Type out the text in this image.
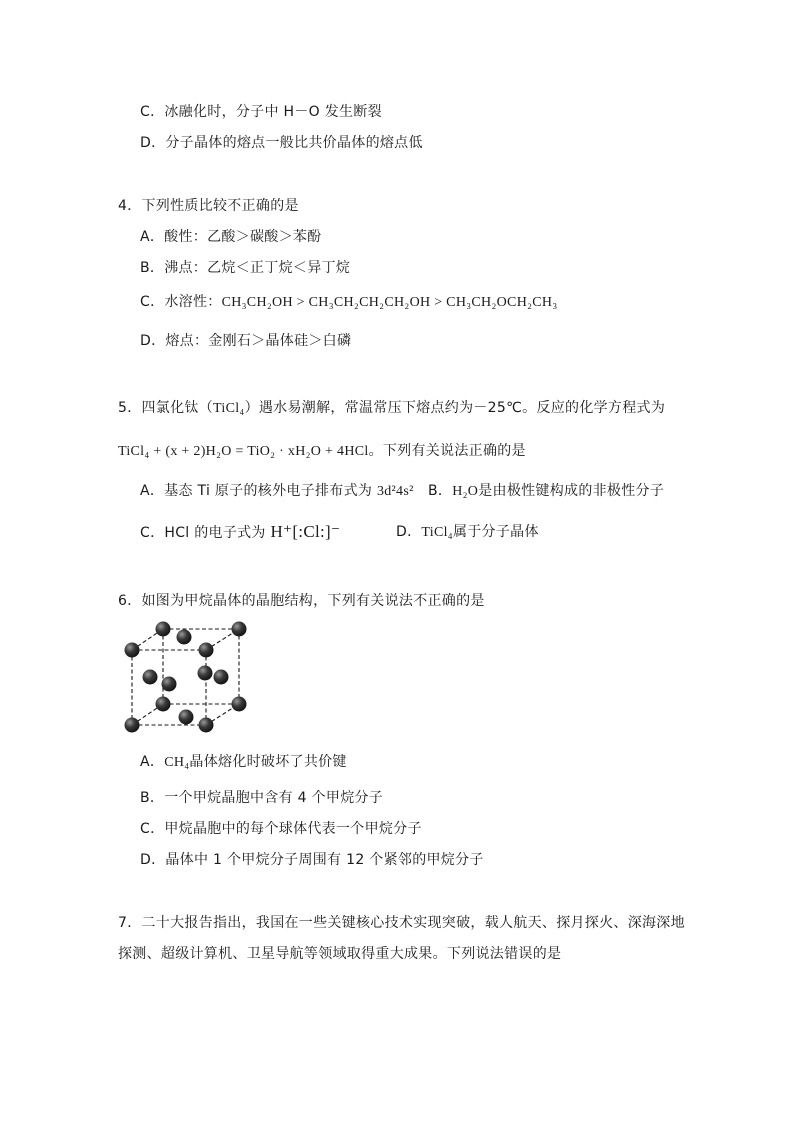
C．冰融化时，分子中 H－O 发生断裂
D．分子晶体的熔点一般比共价晶体的熔点低
4．下列性质比较不正确的是
A．酸性：乙酸＞碳酸＞苯酚
B．沸点：乙烷＜正丁烷＜异丁烷
C．水溶性：CH₃CH₂OH > CH₃CH₂CH₂CH₂OH > CH₃CH₂OCH₂CH₃
D．熔点：金刚石＞晶体硅＞白磷
5．四氯化钛（TiCl₄）遇水易潮解，常温常压下熔点约为－25℃。反应的化学方程式为
TiCl₄ + (x + 2)H₂O = TiO₂ · xH₂O + 4HCl。下列有关说法正确的是
A．基态 Ti 原子的核外电子排布式为 3d²4s² B．H₂O是由极性键构成的非极性分子
C．HCl 的电子式为 H⁺[:Cl:]⁻	D．TiCl₄属于分子晶体
6．如图为甲烷晶体的晶胞结构，下列有关说法不正确的是
A．CH₄晶体熔化时破坏了共价键
B．一个甲烷晶胞中含有 4 个甲烷分子
C．甲烷晶胞中的每个球体代表一个甲烷分子
D．晶体中 1 个甲烷分子周围有 12 个紧邻的甲烷分子
7．二十大报告指出，我国在一些关键核心技术实现突破，载人航天、探月探火、深海深地
探测、超级计算机、卫星导航等领域取得重大成果。下列说法错误的是
